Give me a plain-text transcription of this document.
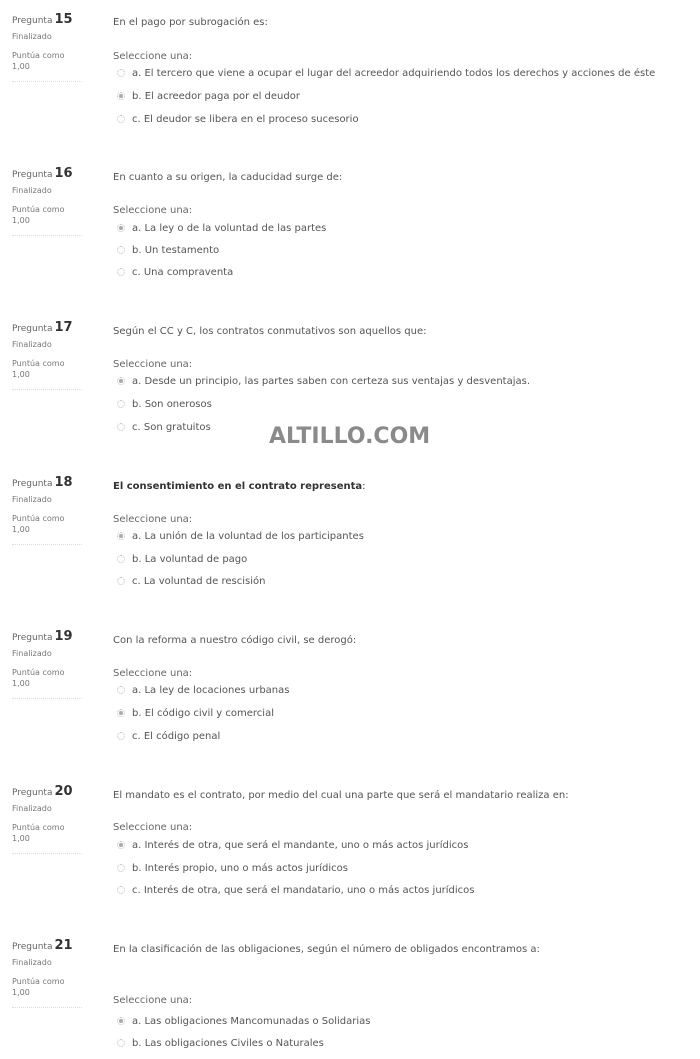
Pregunta 15
Finalizado
Puntúa como
1,00
En el pago por subrogación es:
Seleccione una:
a. El tercero que viene a ocupar el lugar del acreedor adquiriendo todos los derechos y acciones de éste
b. El acreedor paga por el deudor
c. El deudor se libera en el proceso sucesorio
Pregunta 16
Finalizado
Puntúa como
1,00
En cuanto a su origen, la caducidad surge de:
Seleccione una:
a. La ley o de la voluntad de las partes
b. Un testamento
c. Una compraventa
Pregunta 17
Finalizado
Puntúa como
1,00
Según el CC y C, los contratos conmutativos son aquellos que:
Seleccione una:
a. Desde un principio, las partes saben con certeza sus ventajas y desventajas.
b. Son onerosos
c. Son gratuitos	ALTILLO.COM
Pregunta 18
Finalizado
Puntúa como
1,00
El consentimiento en el contrato representa:
Seleccione una:
a. La unión de la voluntad de los participantes
b. La voluntad de pago
c. La voluntad de rescisión
Pregunta 19
Finalizado
Puntúa como
1,00
Con la reforma a nuestro código civil, se derogó:
Seleccione una:
a. La ley de locaciones urbanas
b. El código civil y comercial
c. El código penal
Pregunta 20
Finalizado
Puntúa como
1,00
El mandato es el contrato, por medio del cual una parte que será el mandatario realiza en:
Seleccione una:
a. Interés de otra, que será el mandante, uno o más actos jurídicos
b. Interés propio, uno o más actos jurídicos
c. Interés de otra, que será el mandatario, uno o más actos jurídicos
Pregunta 21
Finalizado
Puntúa como
1,00
En la clasificación de las obligaciones, según el número de obligados encontramos a:
Seleccione una:
a. Las obligaciones Mancomunadas o Solidarias
b. Las obligaciones Civiles o Naturales
